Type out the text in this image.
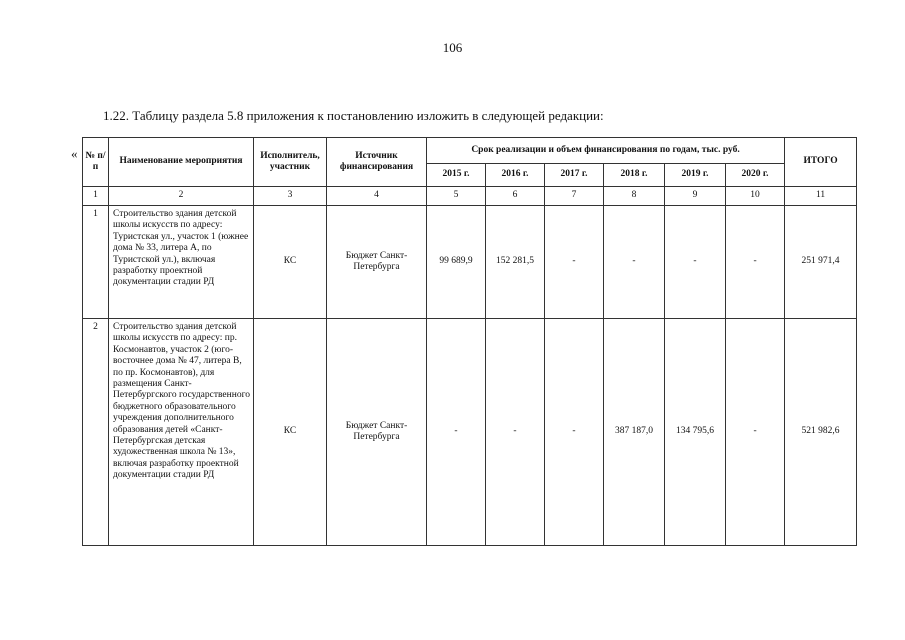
106
1.22. Таблицу раздела 5.8 приложения к постановлению изложить в следующей редакции:
« № п/п	Наименование мероприятия	Исполнитель, участник	Источник финансирования	Срок реализации и объем финансирования по годам, тыс. руб.						ИТОГО
				2015 г.	2016 г.	2017 г.	2018 г.	2019 г.	2020 г.	
1	2	3	4	5	6	7	8	9	10	11
1	Строительство здания детской школы искусств по адресу: Туристская ул., участок 1 (южнее дома № 33, литера А, по Туристской ул.), включая разработку проектной документации стадии РД	КС	Бюджет Санкт-Петербурга	99 689,9	152 281,5	-	-	-	-	251 971,4
2	Строительство здания детской школы искусств по адресу: пр. Космонавтов, участок 2 (юго-восточнее дома № 47, литера В, по пр. Космонавтов), для размещения Санкт-Петербургского государственного бюджетного образовательного учреждения дополнительного образования детей «Санкт-Петербургская детская художественная школа № 13», включая разработку проектной документации стадии РД	КС	Бюджет Санкт-Петербурга	-	-	-	387 187,0	134 795,6	-	521 982,6
